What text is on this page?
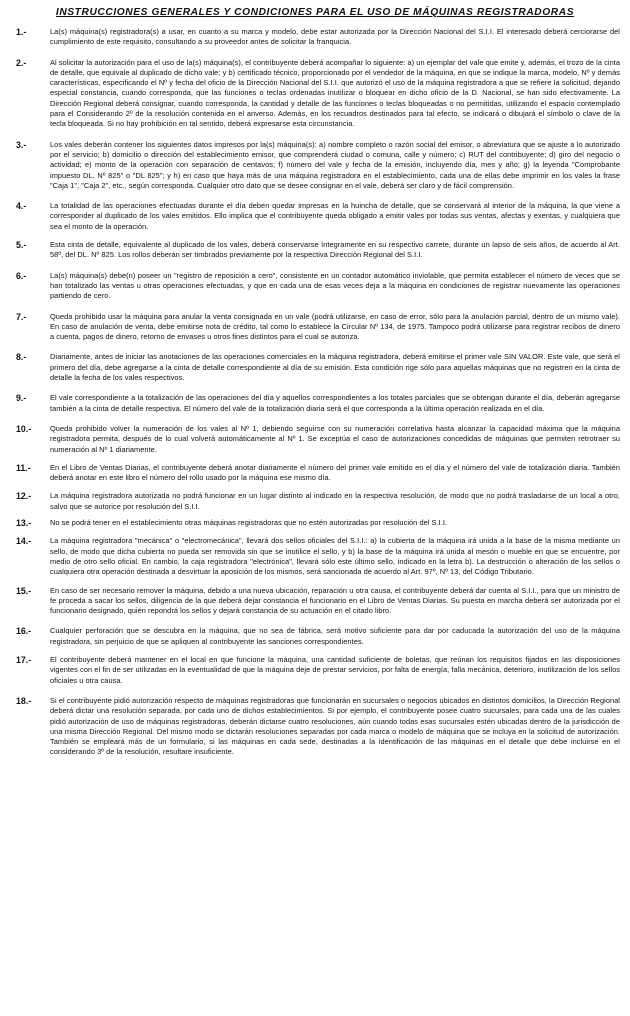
INSTRUCCIONES GENERALES Y CONDICIONES PARA EL USO DE MÁQUINAS REGISTRADORAS
1.-	La(s) máquina(s) registradora(s) a usar, en cuanto a su marca y modelo, debe estar autorizada por la Dirección Nacional del S.I.I. El interesado deberá cerciorarse del cumplimiento de este requisito, consultando a su proveedor antes de solicitar la franquicia.
2.-	Al solicitar la autorización para el uso de la(s) máquina(s), el contribuyente deberá acompañar lo siguiente: a) un ejemplar del vale que emite y, además, el trozo de la cinta de detalle, que equivale al duplicado de dicho vale; y b) certificado técnico, proporcionado por el vendedor de la máquina, en que se indique la marca, modelo, Nº y demás características, especificando el Nº y fecha del oficio de la Dirección Nacional del S.I.I. que autorizó el uso de la máquina registradora a que se refiere la solicitud, dejando especial constancia, cuando corresponda, que las funciones o teclas ordenadas inutilizar o bloquear en dicho oficio de la D. Nacional, se han sido efectivamente. La Dirección Regional deberá consignar, cuando corresponda, la cantidad y detalle de las funciones o teclas bloqueadas o no permitidas, utilizando el espacio contemplado para el Considerando 2º de la resolución contenida en el anverso. Además, en los recuadros destinados para tal efecto, se indicará o dibujará el símbolo o clave de la tecla bloqueada. Si no hay prohibición en tal sentido, deberá expresarse esta circunstancia.
3.-	Los vales deberán contener los siguientes datos impresos por la(s) máquina(s): a) nombre completo o razón social del emisor, o abreviatura que se ajuste a lo autorizado por el servicio; b) domicilio o dirección del establecimiento emisor, que comprenderá ciudad o comuna, calle y número; c) RUT del contribuyente; d) giro del negocio o actividad; e) monto de la operación con separación de centavos; f) número del vale y fecha de la emisión, incluyendo día, mes y año; g) la leyenda "Comprobante impuesto DL. Nº 825" o "DL 825"; y h) en caso que haya más de una máquina registradora en el establecimiento, cada una de ellas debe imprimir en los vales la frase "Caja 1", "Caja 2", etc., según corresponda. Cualquier otro dato que se desee consignar en el vale, deberá ser claro y de fácil comprensión.
4.-	La totalidad de las operaciones efectuadas durante el día deben quedar impresas en la huincha de detalle, que se conservará al interior de la máquina, la que viene a corresponder al duplicado de los vales emitidos. Ello implica que el contribuyente queda obligado a emitir vales por todas sus ventas, afectas y exentas, y cualquiera que sea el monto de la operación.
5.-	Esta cinta de detalle, equivalente al duplicado de los vales, deberá conservarse íntegramente en su respectivo carrete, durante un lapso de seis años, de acuerdo al Art. 58º, del DL. Nº 825. Los rollos deberán ser timbrados previamente por la respectiva Dirección Regional del S.I.I.
6.-	La(s) máquina(s) debe(n) poseer un "registro de reposición a cero", consistente en un contador automático inviolable, que permita establecer el número de veces que se han totalizado las ventas u otras operaciones efectuadas, y que en cada una de esas veces deja a la máquina en condiciones de registrar nuevamente las operaciones partiendo de cero.
7.-	Queda prohibido usar la máquina para anular la venta consignada en un vale (podrá utilizarse, en caso de error, sólo para la anulación parcial, dentro de un mismo vale). En caso de anulación de venta, debe emitirse nota de crédito, tal como lo establece la Circular Nº 134, de 1975. Tampoco podrá utilizarse para registrar recibos de dinero a cuenta, pagos de dinero, retorno de envases u otros fines distintos para el cual se autoriza.
8.-	Diariamente, antes de iniciar las anotaciones de las operaciones comerciales en la máquina registradora, deberá emitirse el primer vale SIN VALOR. Este vale, que será el primero del día, debe agregarse a la cinta de detalle correspondiente al día de su emisión. Esta condición rige sólo para aquellas máquinas que no registren en la cinta de detalle la fecha de los vales respectivos.
9.-	El vale correspondiente a la totalización de las operaciones del día y aquellos correspondientes a los totales parciales que se obtengan durante el día, deberán agregarse también a la cinta de detalle respectiva. El número del vale de la totalización diaria será el que corresponda a la última operación realizada en el día.
10.-	Queda prohibido volver la numeración de los vales al Nº 1, debiendo seguirse con su numeración correlativa hasta alcanzar la capacidad máxima que la máquina registradora permita, después de lo cual volverá automáticamente al Nº 1. Se exceptúa el caso de autorizaciones concedidas de máquinas que permiten retrotraer su numeración al Nº 1 diariamente.
11.-	En el Libro de Ventas Diarias, el contribuyente deberá anotar diariamente el número del primer vale emitido en el día y el número del vale de totalización diaria. También deberá anotar en este libro el número del rollo usado por la máquina ese mismo día.
12.-	La máquina registradora autorizada no podrá funcionar en un lugar distinto al indicado en la respectiva resolución, de modo que no podrá trasladarse de un local a otro, salvo que se autorice por resolución del S.I.I.
13.-	No se podrá tener en el establecimiento otras máquinas registradoras que no estén autorizadas por resolución del S.I.I.
14.-	La máquina registradora "mecánica" o "electromecánica", llevará dos sellos oficiales del S.I.I.: a) la cubierta de la máquina irá unida a la base de la misma mediante un sello, de modo que dicha cubierta no pueda ser removida sin que se inutilice el sello, y b) la base de la máquina irá unida al mesón o mueble en que se encuentre, por medio de otro sello oficial. En cambio, la caja registradora "electrónica", llevará sólo este último sello, indicado en la letra b). La destrucción o alteración de los sellos o cualquiera otra operación destinada a desvirtuar la aposición de los mismos, será sancionada de acuerdo al Art. 97º, Nº 13, del Código Tributario.
15.-	En caso de ser necesario remover la máquina, debido a una nueva ubicación, reparación u otra causa, el contribuyente deberá dar cuenta al S.I.I., para que un ministro de fe proceda a sacar los sellos, diligencia de la que deberá dejar constancia el funcionario en el Libro de Ventas Diarias. Su puesta en marcha deberá ser autorizada por el funcionario designado, quién repondrá los sellos y dejará constancia de su actuación en el citado libro.
16.-	Cualquier perforación que se descubra en la máquina, que no sea de fábrica, será motivo suficiente para dar por caducada la autorización del uso de la máquina registradora, sin perjuicio de que se apliquen al contribuyente las sanciones correspondientes.
17.-	El contribuyente deberá mantener en el local en que funcione la máquina, una cantidad suficiente de boletas, que reúnan los requisitos fijados en las disposiciones vigentes con el fin de ser utilizadas en la eventualidad de que la máquina deje de prestar servicios, por falta de energía, falla mecánica, deterioro, inutilización de los sellos oficiales u otra causa.
18.-	Si el contribuyente pidió autorización respecto de máquinas registradoras que funcionarán en sucursales o negocios ubicados en distintos domicilios, la Dirección Regional deberá dictar una resolución separada, por cada uno de dichos establecimientos. Si por ejemplo, el contribuyente posee cuatro sucursales, para cada una de las cuales pidió autorización de uso de máquinas registradoras, deberán dictarse cuatro resoluciones, aún cuando todas esas sucursales estén ubicadas dentro de la jurisdicción de una misma Dirección Regional. Del mismo modo se dictarán resoluciones separadas por cada marca o modelo de máquina que se incluya en la solicitud de autorización. También se empleará más de un formulario, si las máquinas en cada sede, destinadas a la identificación de las máquinas en el detalle que debe incluirse en el considerando 3º de la resolución, resultare insuficiente.
